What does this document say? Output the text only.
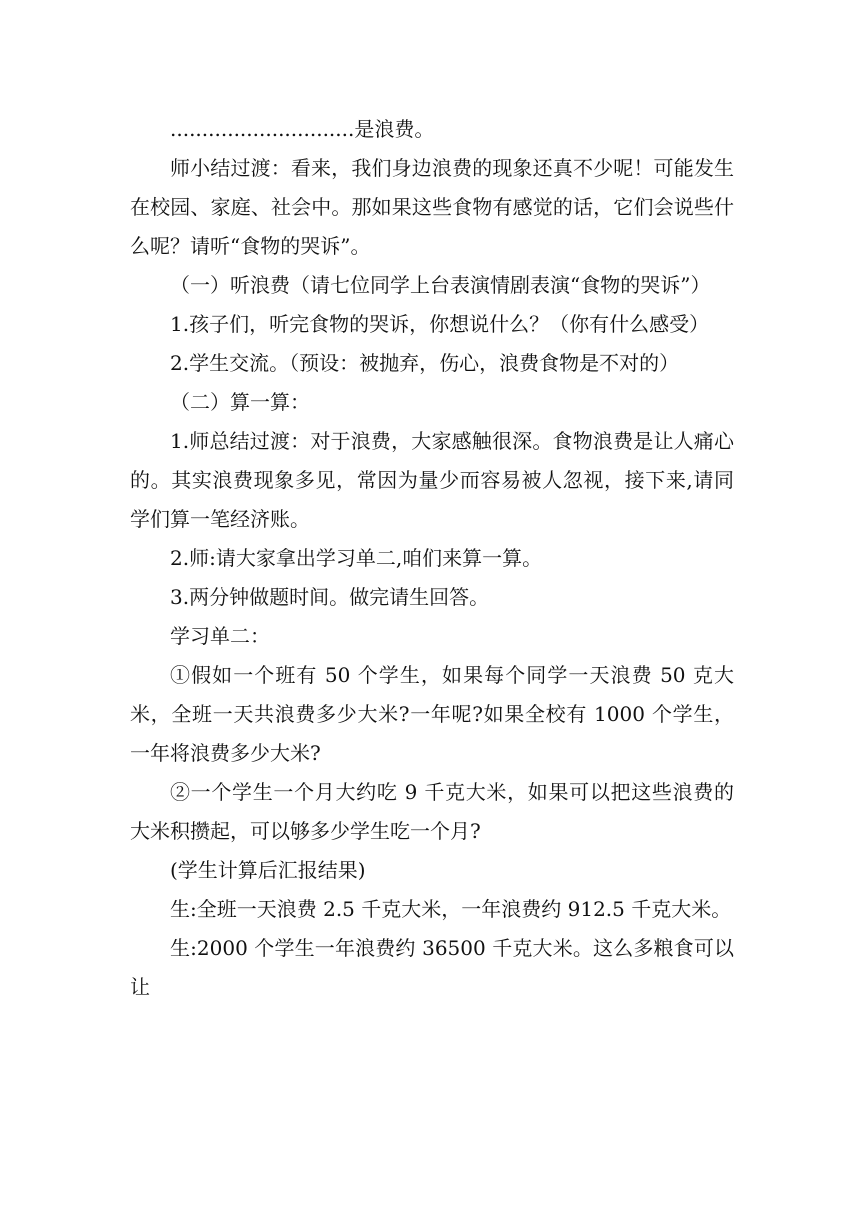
.............................是浪费。

师小结过渡：看来，我们身边浪费的现象还真不少呢！可能发生在校园、家庭、社会中。那如果这些食物有感觉的话，它们会说些什么呢？请听“食物的哭诉”。

（一）听浪费（请七位同学上台表演情剧表演“食物的哭诉”）

1.孩子们，听完食物的哭诉，你想说什么？（你有什么感受）

2.学生交流。（预设：被抛弃，伤心，浪费食物是不对的）

（二）算一算：

1.师总结过渡：对于浪费，大家感触很深。食物浪费是让人痛心的。其实浪费现象多见，常因为量少而容易被人忽视，接下来,请同学们算一笔经济账。

2.师:请大家拿出学习单二,咱们来算一算。

3.两分钟做题时间。做完请生回答。

学习单二：

①假如一个班有 50 个学生，如果每个同学一天浪费 50 克大米，全班一天共浪费多少大米?一年呢?如果全校有 1000 个学生，一年将浪费多少大米?

②一个学生一个月大约吃 9 千克大米，如果可以把这些浪费的大米积攒起，可以够多少学生吃一个月?

(学生计算后汇报结果)

生:全班一天浪费 2.5 千克大米，一年浪费约 912.5 千克大米。

生:2000 个学生一年浪费约 36500 千克大米。这么多粮食可以让
